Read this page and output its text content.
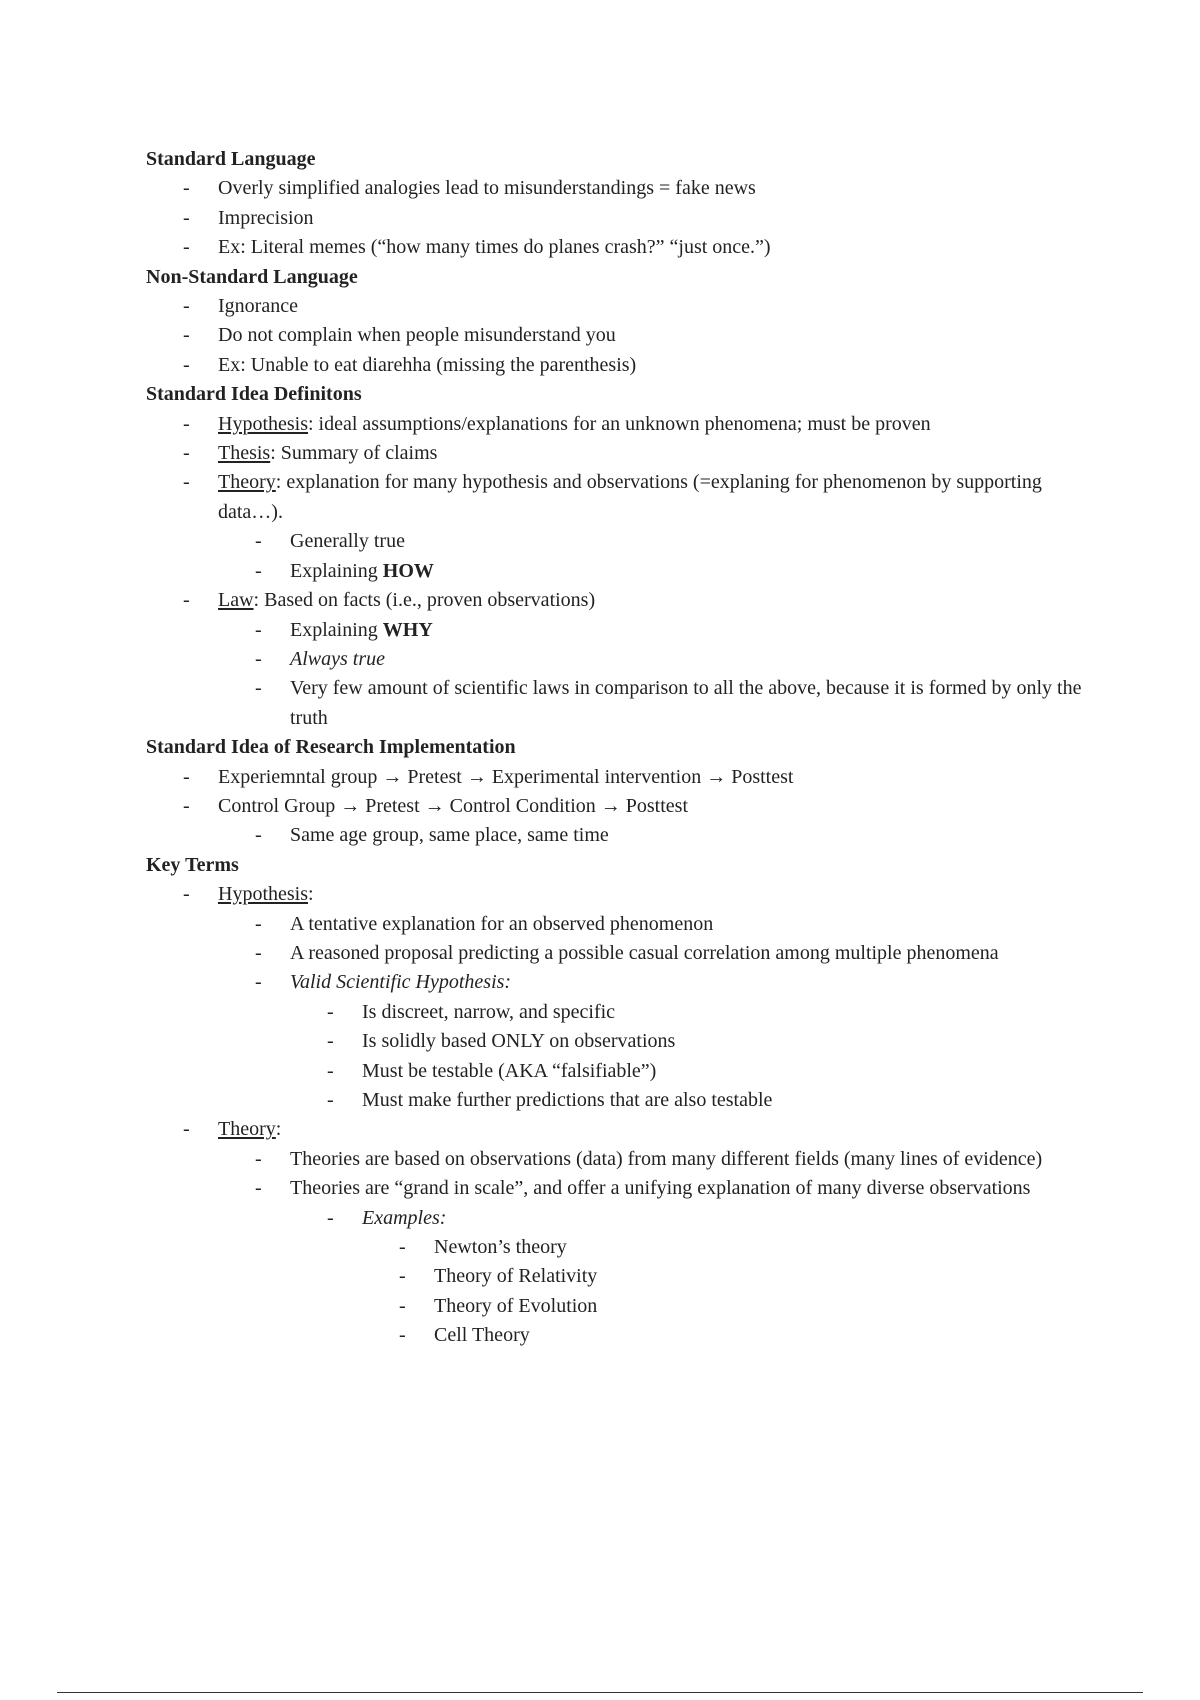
Standard Language

- Overly simplified analogies lead to misunderstandings = fake news
- Imprecision
- Ex: Literal memes (“how many times do planes crash?” “just once.”)

Non-Standard Language

- Ignorance
- Do not complain when people misunderstand you
- Ex: Unable to eat diarehha (missing the parenthesis)

Standard Idea Definitons

- Hypothesis: ideal assumptions/explanations for an unknown phenomena; must be proven
- Thesis: Summary of claims
- Theory: explanation for many hypothesis and observations (=explaning for phenomenon by supporting data…).
- Generally true
- Explaining HOW
- Law: Based on facts (i.e., proven observations)
- Explaining WHY
- Always true
- Very few amount of scientific laws in comparison to all the above, because it is formed by only the truth

Standard Idea of Research Implementation

- Experiemntal group → Pretest → Experimental intervention → Posttest
- Control Group → Pretest → Control Condition → Posttest
- Same age group, same place, same time

Key Terms

- Hypothesis:
- A tentative explanation for an observed phenomenon
- A reasoned proposal predicting a possible casual correlation among multiple phenomena
- Valid Scientific Hypothesis:
- Is discreet, narrow, and specific
- Is solidly based ONLY on observations
- Must be testable (AKA “falsifiable”)
- Must make further predictions that are also testable
- Theory:
- Theories are based on observations (data) from many different fields (many lines of evidence)
- Theories are “grand in scale”, and offer a unifying explanation of many diverse observations
- Examples:
- Newton’s theory
- Theory of Relativity
- Theory of Evolution
- Cell Theory
